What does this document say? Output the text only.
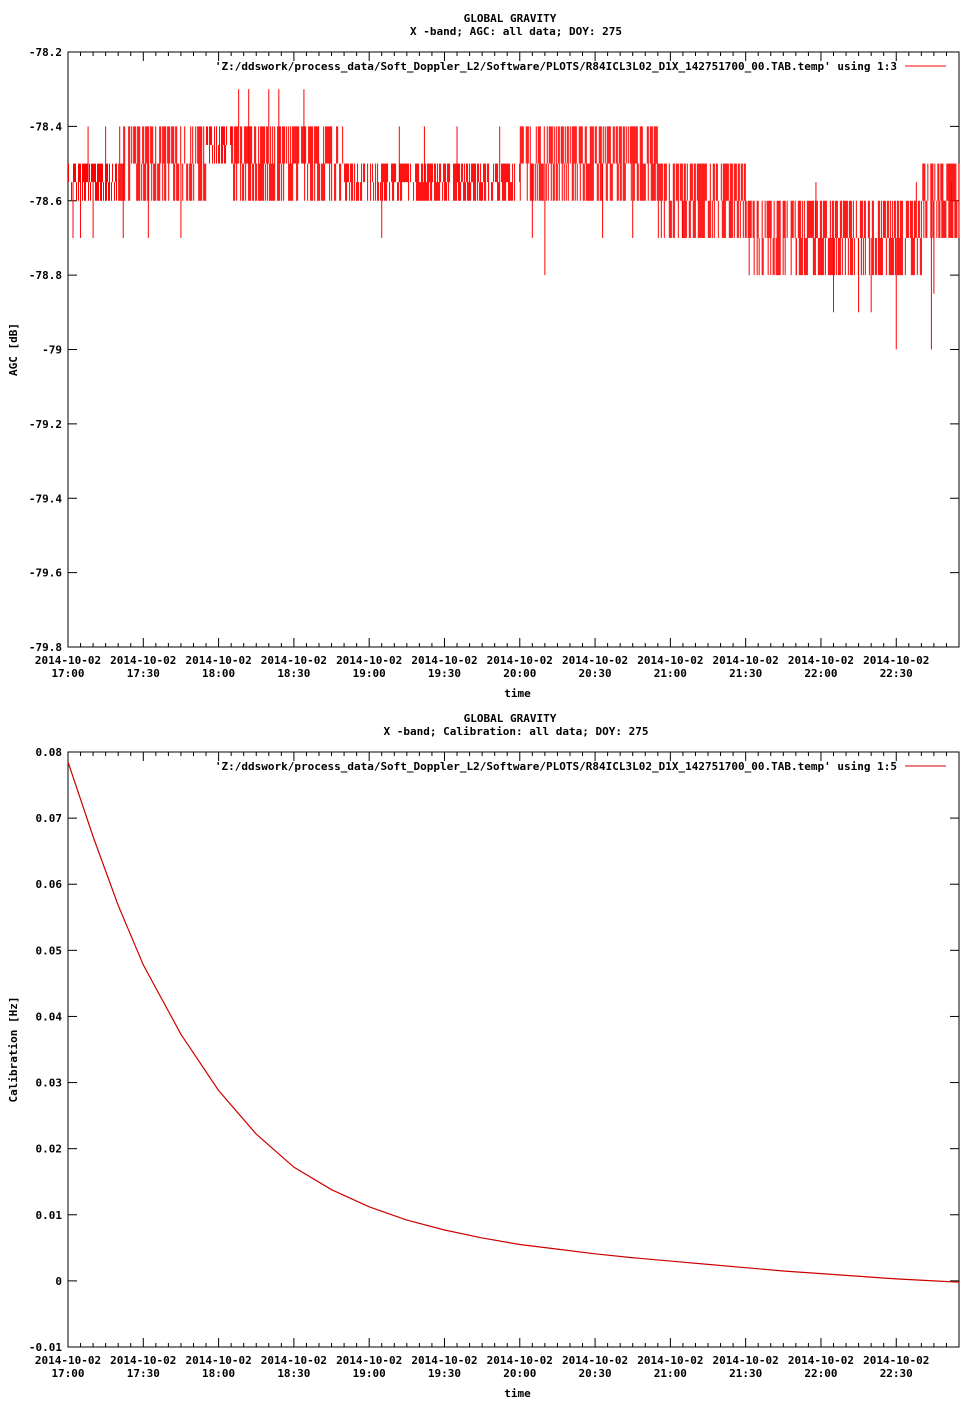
GLOBAL GRAVITY
X -band; AGC: all data; DOY: 275
-78.2
-78.4
-78.6
-78.8
-79
-79.2
-79.4
-79.6
-79.8
2014-10-02
17:00
2014-10-02
17:30
2014-10-02
18:00
2014-10-02
18:30
2014-10-02
19:00
2014-10-02
19:30
2014-10-02
20:00
2014-10-02
20:30
2014-10-02
21:00
2014-10-02
21:30
2014-10-02
22:00
2014-10-02
22:30
time
AGC [dB]
'Z:/ddswork/process_data/Soft_Doppler_L2/Software/PLOTS/R84ICL3L02_D1X_142751700_00.TAB.temp' using 1:3
GLOBAL GRAVITY
X -band; Calibration: all data; DOY: 275
0.08
0.07
0.06
0.05
0.04
0.03
0.02
0.01
0
-0.01
2014-10-02
17:00
2014-10-02
17:30
2014-10-02
18:00
2014-10-02
18:30
2014-10-02
19:00
2014-10-02
19:30
2014-10-02
20:00
2014-10-02
20:30
2014-10-02
21:00
2014-10-02
21:30
2014-10-02
22:00
2014-10-02
22:30
time
Calibration [Hz]
'Z:/ddswork/process_data/Soft_Doppler_L2/Software/PLOTS/R84ICL3L02_D1X_142751700_00.TAB.temp' using 1:5
